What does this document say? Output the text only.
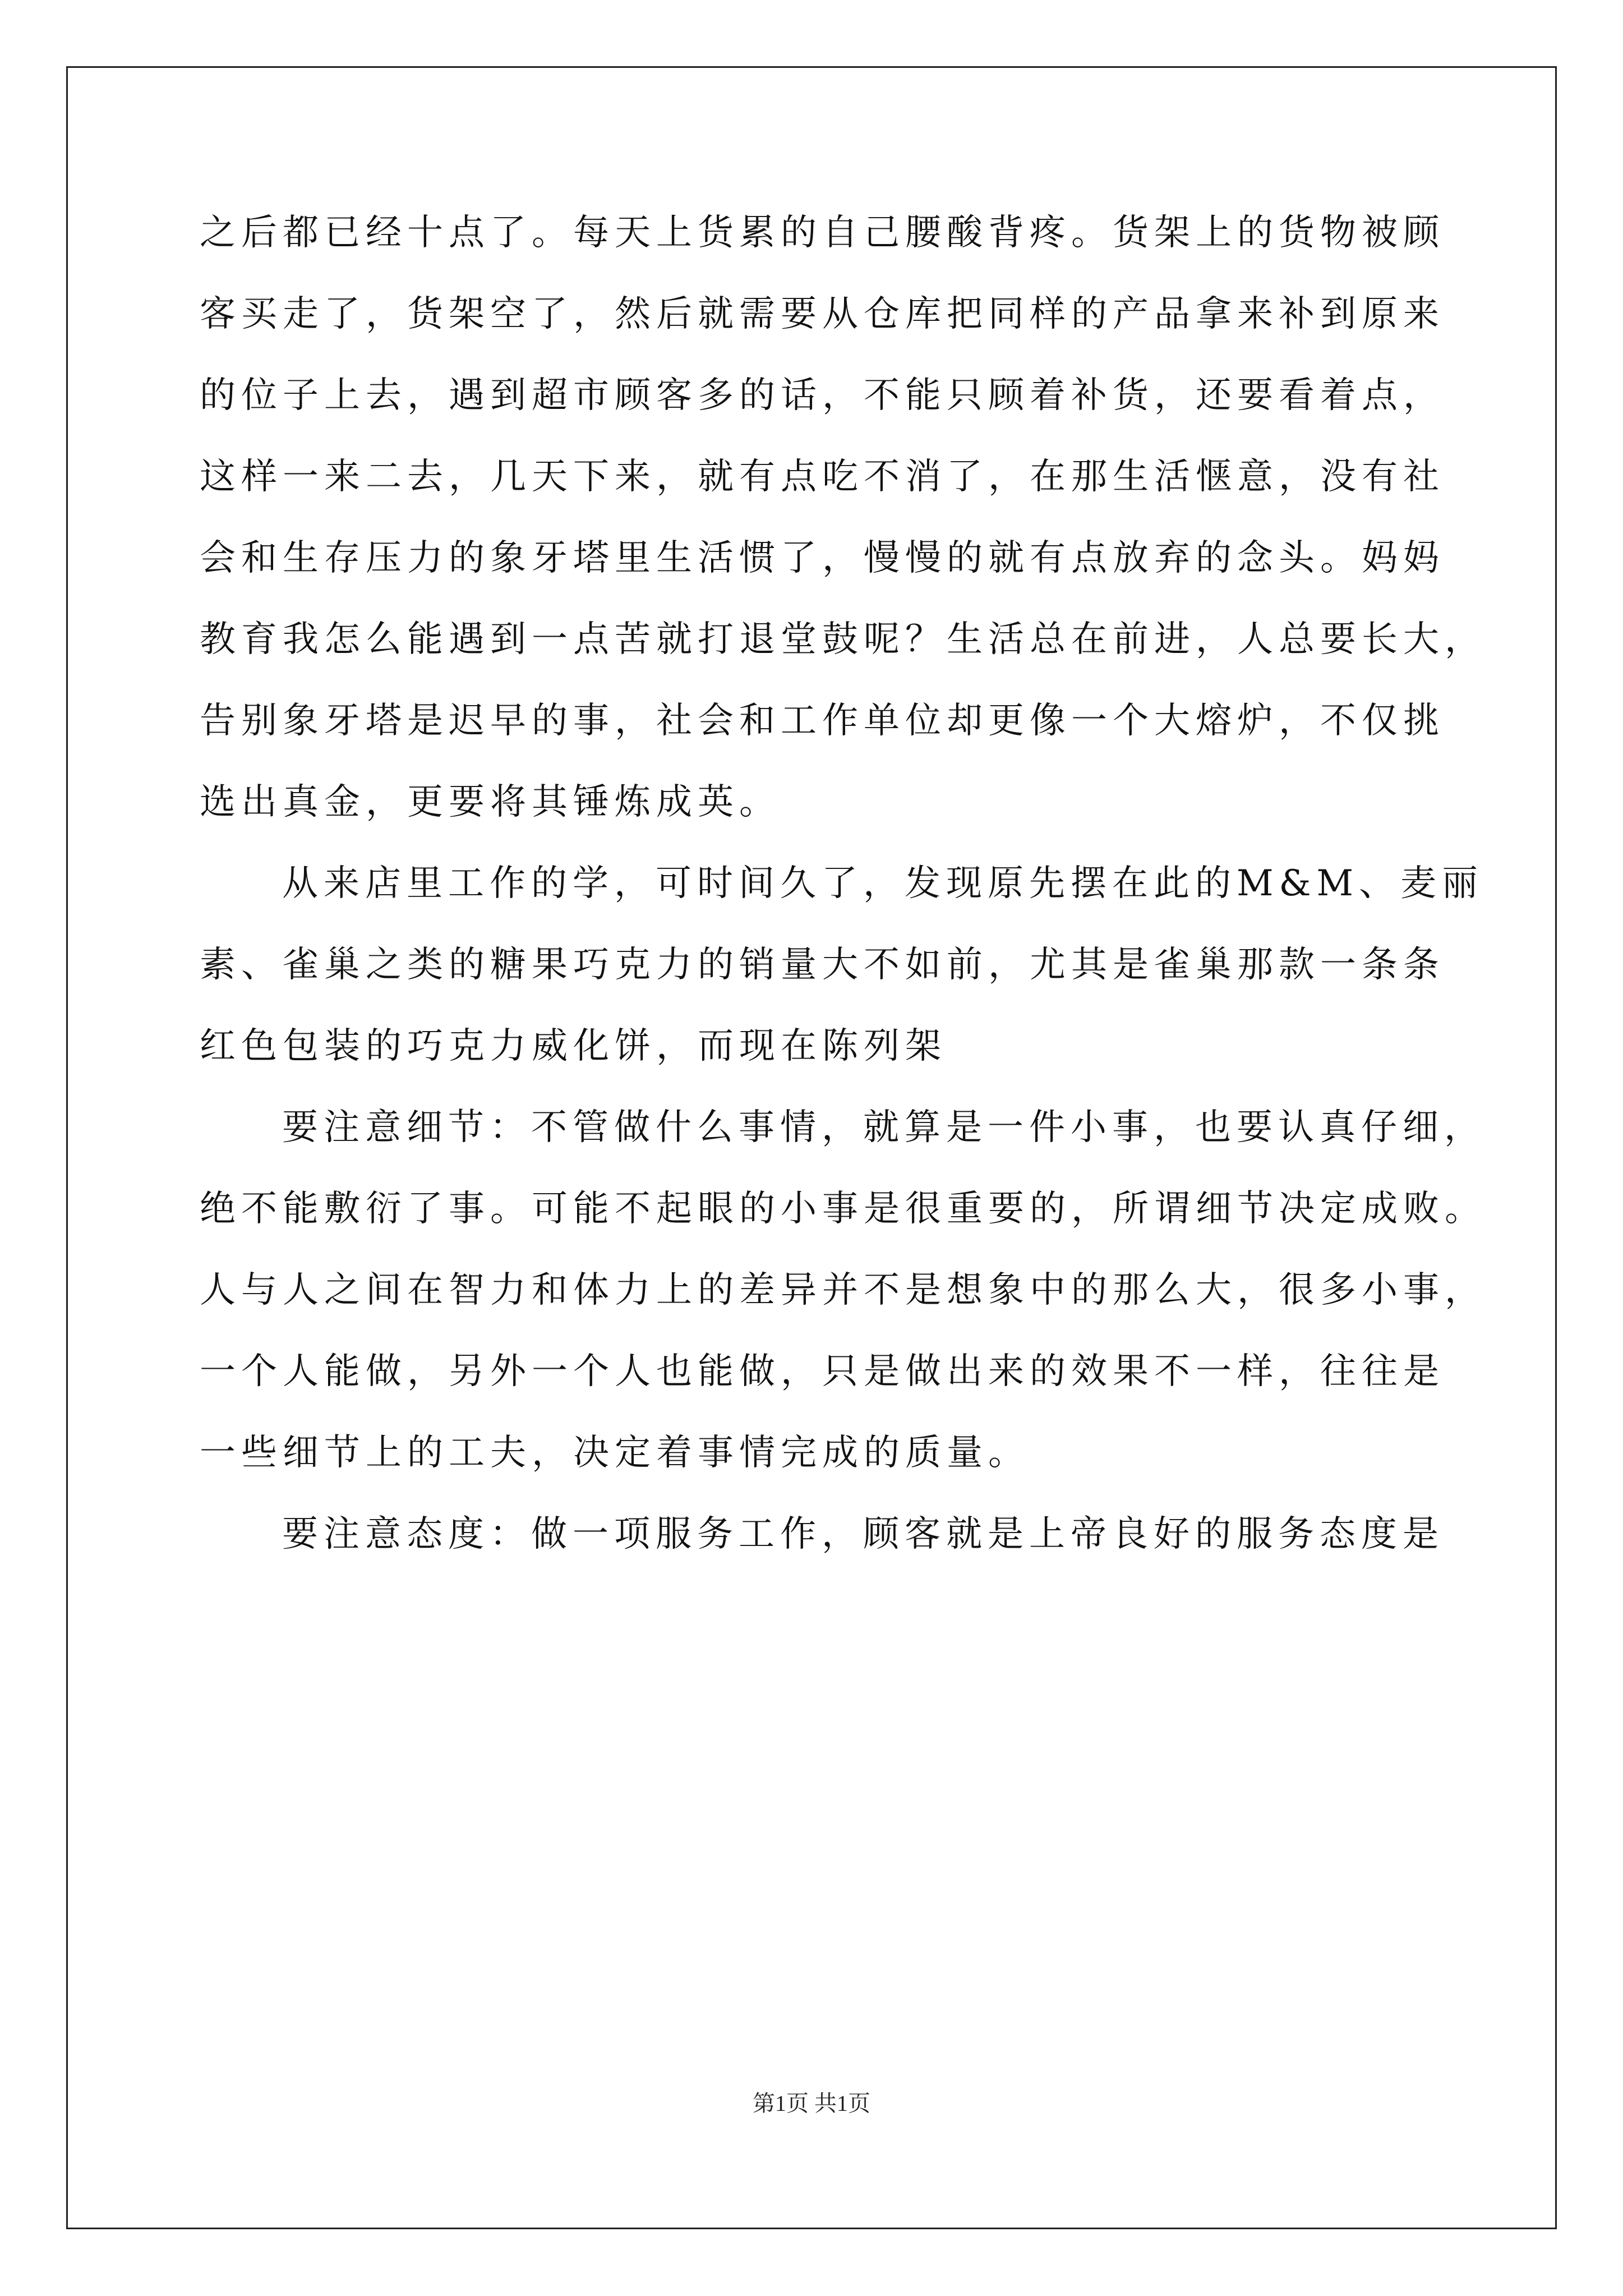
之后都已经十点了。每天上货累的自己腰酸背疼。货架上的货物被顾
客买走了，货架空了，然后就需要从仓库把同样的产品拿来补到原来
的位子上去，遇到超市顾客多的话，不能只顾着补货，还要看着点，
这样一来二去，几天下来，就有点吃不消了，在那生活惬意，没有社
会和生存压力的象牙塔里生活惯了，慢慢的就有点放弃的念头。妈妈
教育我怎么能遇到一点苦就打退堂鼓呢？生活总在前进，人总要长大，
告别象牙塔是迟早的事，社会和工作单位却更像一个大熔炉，不仅挑
选出真金，更要将其锤炼成英。
从来店里工作的学，可时间久了，发现原先摆在此的M&M、麦丽
素、雀巢之类的糖果巧克力的销量大不如前，尤其是雀巢那款一条条
红色包装的巧克力威化饼，而现在陈列架
要注意细节：不管做什么事情，就算是一件小事，也要认真仔细，
绝不能敷衍了事。可能不起眼的小事是很重要的，所谓细节决定成败。
人与人之间在智力和体力上的差异并不是想象中的那么大，很多小事，
一个人能做，另外一个人也能做，只是做出来的效果不一样，往往是
一些细节上的工夫，决定着事情完成的质量。
要注意态度：做一项服务工作，顾客就是上帝良好的服务态度是
第1页 共1页
